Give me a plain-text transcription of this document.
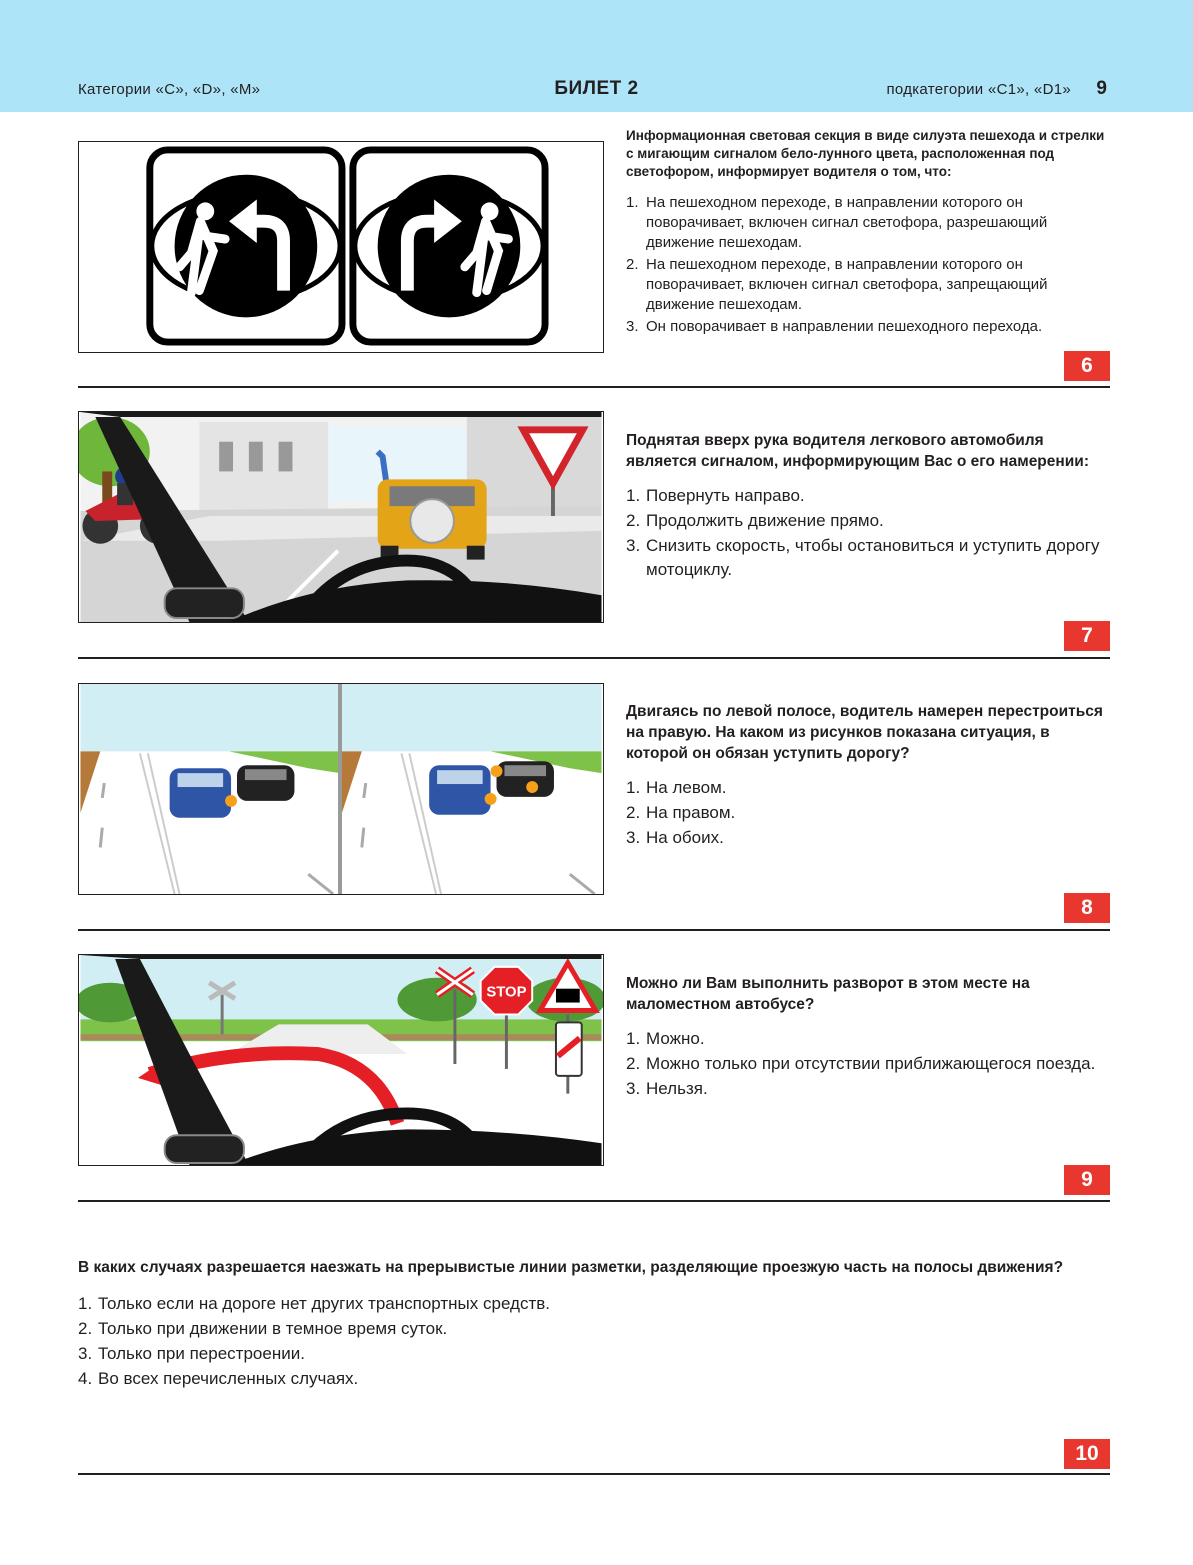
Категории «C», «D», «M»	БИЛЕТ 2	подкатегории «C1», «D1» 9
Информационная световая секция в виде силуэта пешехода и стрелки с мигающим сигналом бело-лунного цвета, расположенная под светофором, информирует водителя о том, что:
1. На пешеходном переходе, в направлении которого он поворачивает, включен сигнал светофора, разрешающий движение пешеходам.
2. На пешеходном переходе, в направлении которого он поворачивает, включен сигнал светофора, запрещающий движение пешеходам.
3. Он поворачивает в направлении пешеходного перехода.
6
Поднятая вверх рука водителя легкового автомобиля является сигналом, информирующим Вас о его намерении:
1. Повернуть направо.
2. Продолжить движение прямо.
3. Снизить скорость, чтобы остановиться и уступить дорогу мотоциклу.
7
Двигаясь по левой полосе, водитель намерен перестроиться на правую. На каком из рисунков показана ситуация, в которой он обязан уступить дорогу?
1. На левом.
2. На правом.
3. На обоих.
8
STOP
Можно ли Вам выполнить разворот в этом месте на маломестном автобусе?
1. Можно.
2. Можно только при отсутствии приближающегося поезда.
3. Нельзя.
9
В каких случаях разрешается наезжать на прерывистые линии разметки, разделяющие проезжую часть на полосы движения?
1. Только если на дороге нет других транспортных средств.
2. Только при движении в темное время суток.
3. Только при перестроении.
4. Во всех перечисленных случаях.
10
